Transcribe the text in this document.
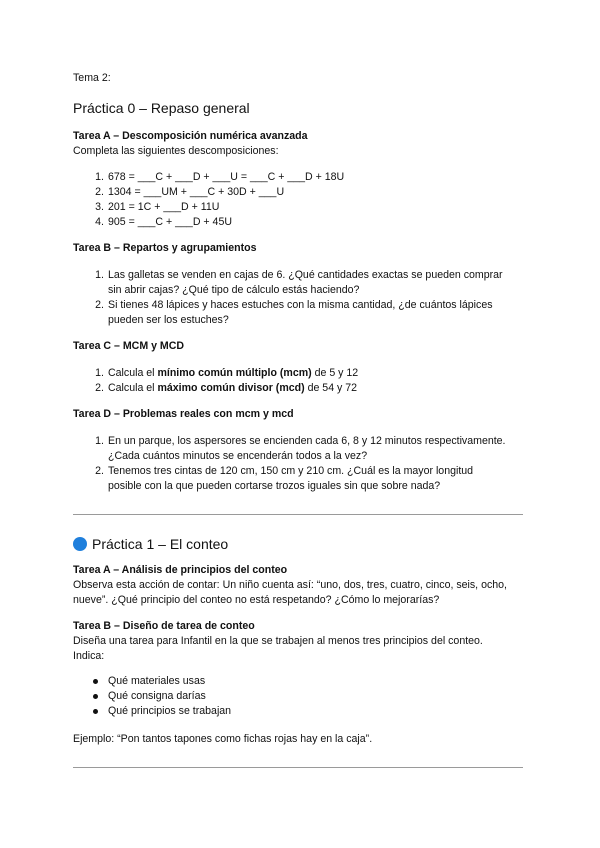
Tema 2:
Práctica 0 – Repaso general
Tarea A – Descomposición numérica avanzada
Completa las siguientes descomposiciones:
1. 678 = ___C + ___D + ___U = ___C + ___D + 18U
2. 1304 = ___UM + ___C + 30D + ___U
3. 201 = 1C + ___D + 11U
4. 905 = ___C + ___D + 45U
Tarea B – Repartos y agrupamientos
1. Las galletas se venden en cajas de 6. ¿Qué cantidades exactas se pueden comprar
sin abrir cajas? ¿Qué tipo de cálculo estás haciendo?
2. Si tienes 48 lápices y haces estuches con la misma cantidad, ¿de cuántos lápices
pueden ser los estuches?
Tarea C – MCM y MCD
1. Calcula el mínimo común múltiplo (mcm) de 5 y 12
2. Calcula el máximo común divisor (mcd) de 54 y 72
Tarea D – Problemas reales con mcm y mcd
1. En un parque, los aspersores se encienden cada 6, 8 y 12 minutos respectivamente.
¿Cada cuántos minutos se encenderán todos a la vez?
2. Tenemos tres cintas de 120 cm, 150 cm y 210 cm. ¿Cuál es la mayor longitud
posible con la que pueden cortarse trozos iguales sin que sobre nada?
Práctica 1 – El conteo
Tarea A – Análisis de principios del conteo
Observa esta acción de contar: Un niño cuenta así: “uno, dos, tres, cuatro, cinco, seis, ocho,
nueve”. ¿Qué principio del conteo no está respetando? ¿Cómo lo mejorarías?
Tarea B – Diseño de tarea de conteo
Diseña una tarea para Infantil en la que se trabajen al menos tres principios del conteo.
Indica:
Qué materiales usas
Qué consigna darías
Qué principios se trabajan
Ejemplo: “Pon tantos tapones como fichas rojas hay en la caja”.
